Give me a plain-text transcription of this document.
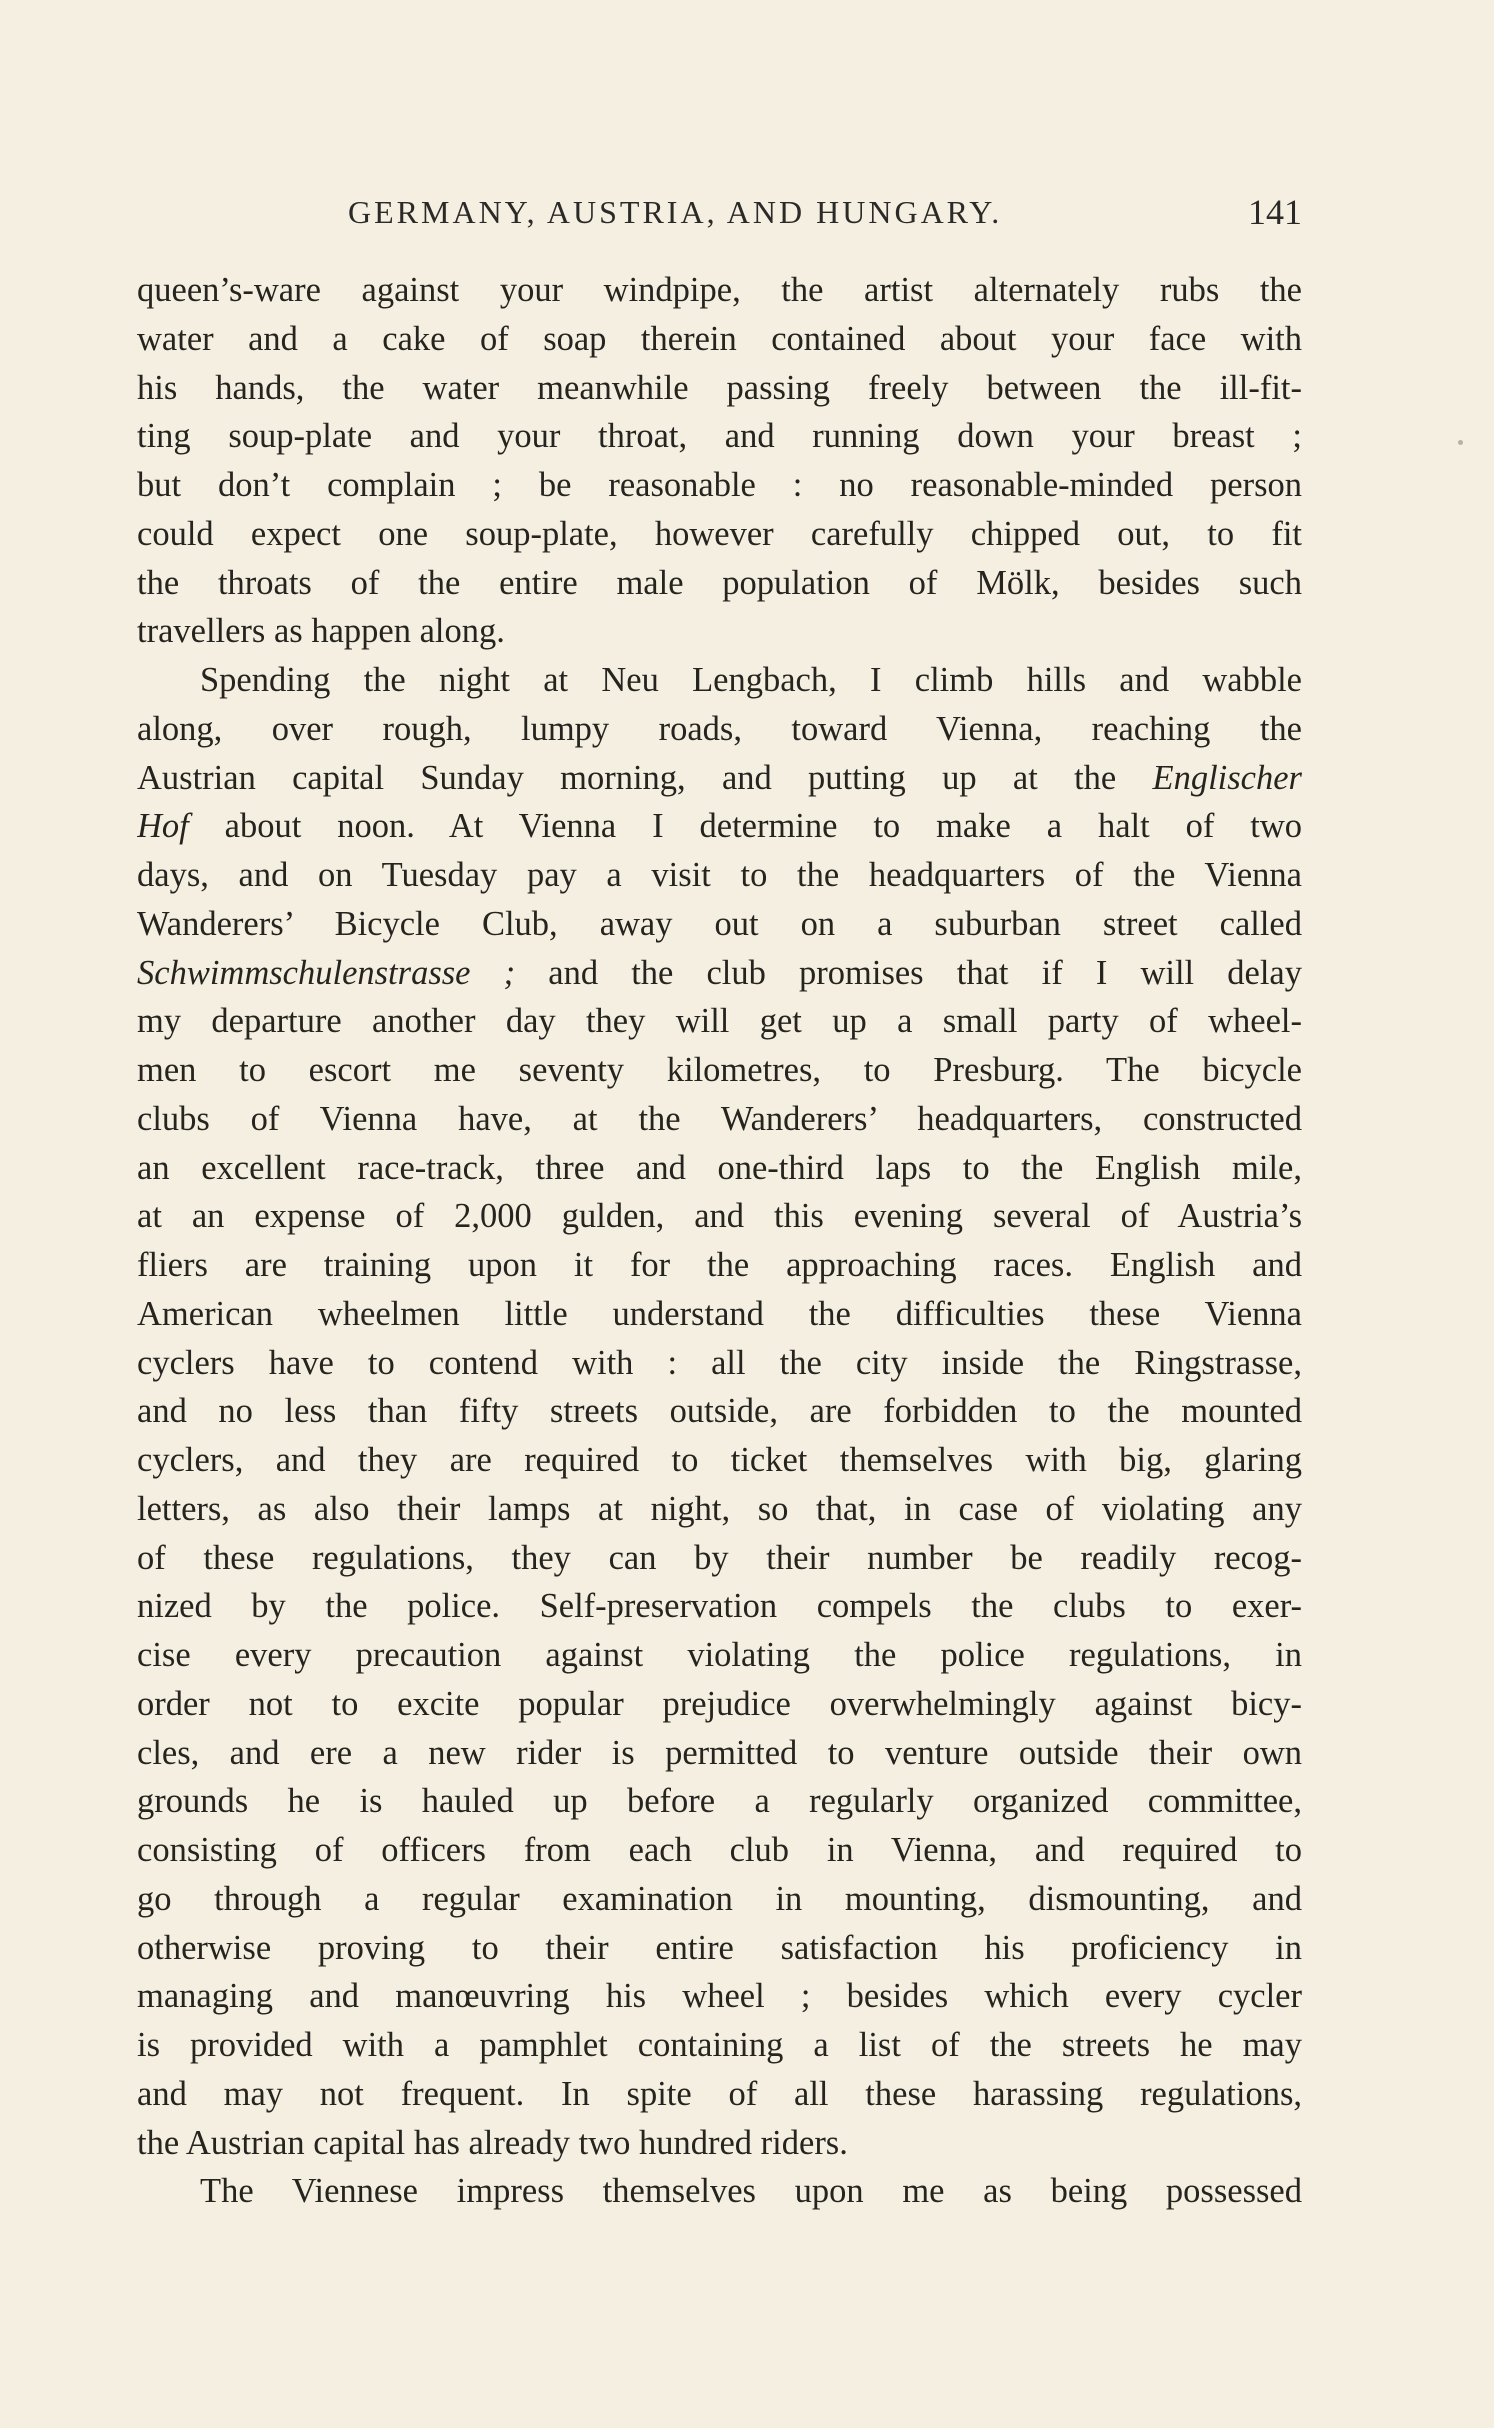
GERMANY, AUSTRIA, AND HUNGARY.	141
queen’s-ware against your windpipe, the artist alternately rubs the
water and a cake of soap therein contained about your face with
his hands, the water meanwhile passing freely between the ill-fit-
ting soup-plate and your throat, and running down your breast ;
but don’t complain ; be reasonable : no reasonable-minded person
could expect one soup-plate, however carefully chipped out, to fit
the throats of the entire male population of Mölk, besides such
travellers as happen along.
Spending the night at Neu Lengbach, I climb hills and wabble
along, over rough, lumpy roads, toward Vienna, reaching the
Austrian capital Sunday morning, and putting up at the Englischer
Hof about noon. At Vienna I determine to make a halt of two
days, and on Tuesday pay a visit to the headquarters of the Vienna
Wanderers’ Bicycle Club, away out on a suburban street called
Schwimmschulenstrasse ; and the club promises that if I will delay
my departure another day they will get up a small party of wheel-
men to escort me seventy kilometres, to Presburg. The bicycle
clubs of Vienna have, at the Wanderers’ headquarters, constructed
an excellent race-track, three and one-third laps to the English mile,
at an expense of 2,000 gulden, and this evening several of Austria’s
fliers are training upon it for the approaching races. English and
American wheelmen little understand the difficulties these Vienna
cyclers have to contend with : all the city inside the Ringstrasse,
and no less than fifty streets outside, are forbidden to the mounted
cyclers, and they are required to ticket themselves with big, glaring
letters, as also their lamps at night, so that, in case of violating any
of these regulations, they can by their number be readily recog-
nized by the police. Self-preservation compels the clubs to exer-
cise every precaution against violating the police regulations, in
order not to excite popular prejudice overwhelmingly against bicy-
cles, and ere a new rider is permitted to venture outside their own
grounds he is hauled up before a regularly organized committee,
consisting of officers from each club in Vienna, and required to
go through a regular examination in mounting, dismounting, and
otherwise proving to their entire satisfaction his proficiency in
managing and manœuvring his wheel ; besides which every cycler
is provided with a pamphlet containing a list of the streets he may
and may not frequent. In spite of all these harassing regulations,
the Austrian capital has already two hundred riders.
The Viennese impress themselves upon me as being possessed
